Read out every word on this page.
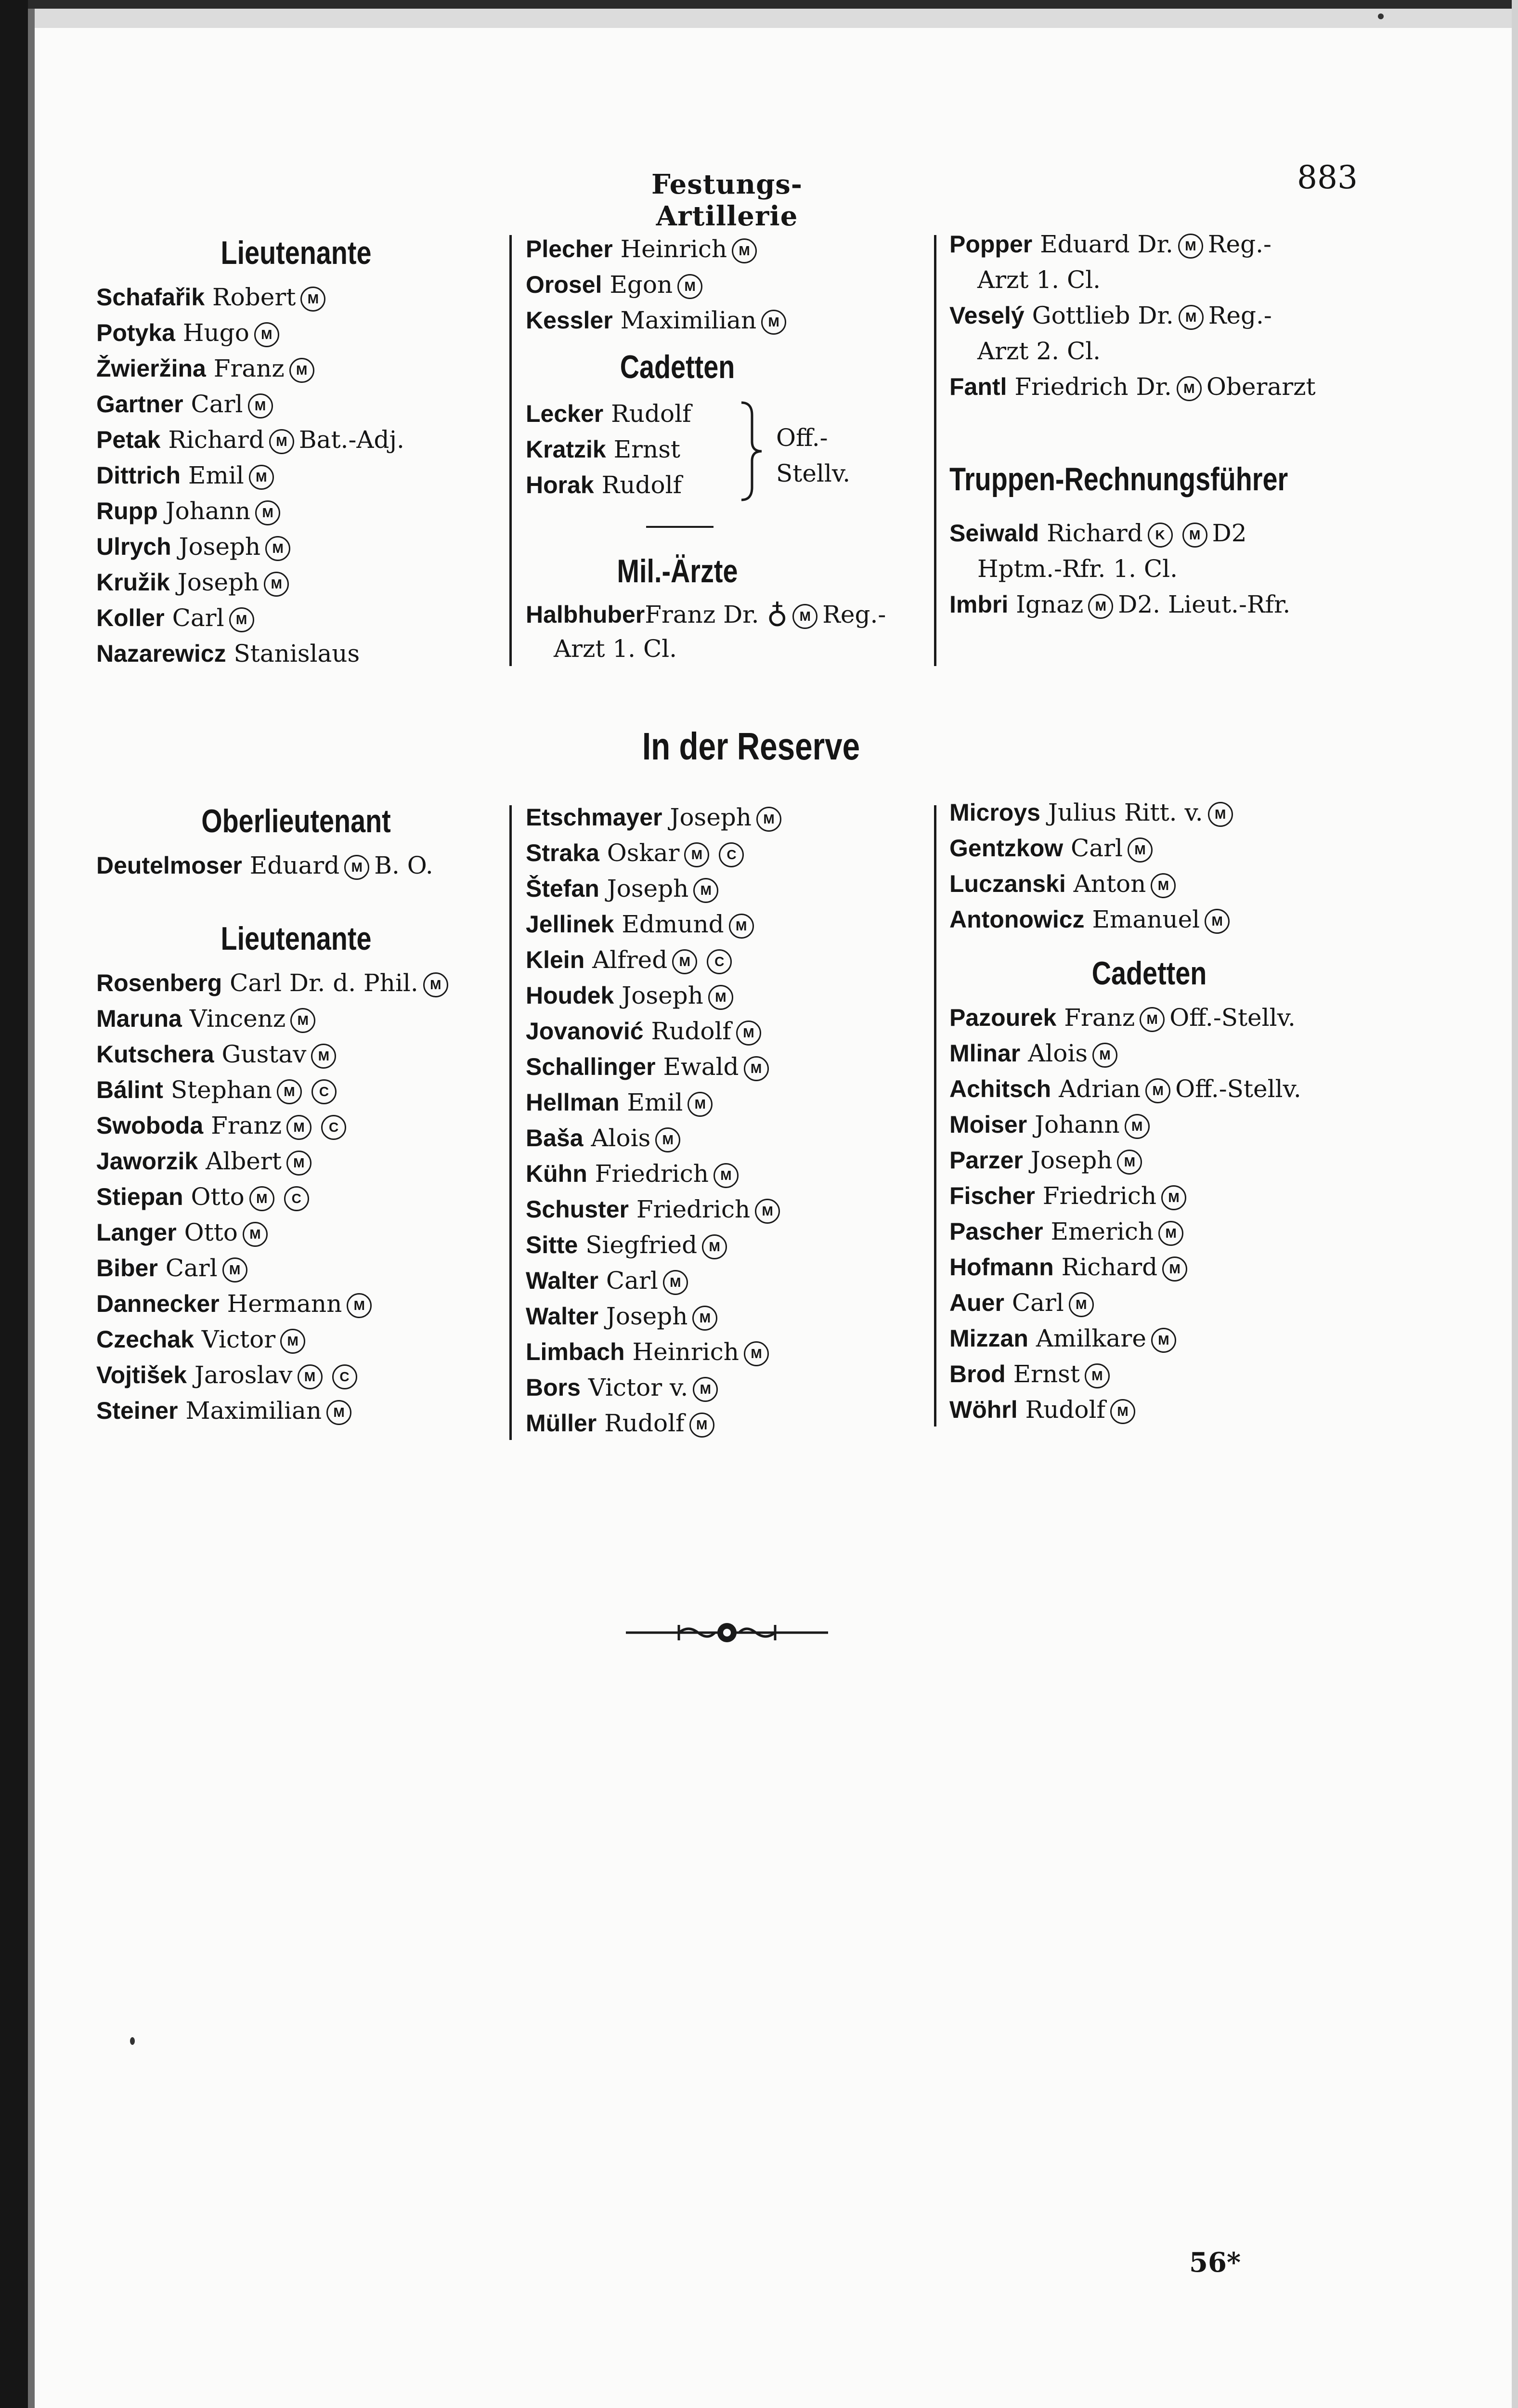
Festungs-Artillerie
883
Lieutenante
Schafařik Robert M
Potyka Hugo M
Žwieržina Franz M
Gartner Carl M
Petak Richard M Bat.-Adj.
Dittrich Emil M
Rupp Johann M
Ulrych Joseph M
Kružik Joseph M
Koller Carl M
Nazarewicz Stanislaus
Plecher Heinrich M
Orosel Egon M
Kessler Maximilian M
Cadetten
Lecker Rudolf
Kratzik Ernst
Horak Rudolf
Off.-
Stellv.
Mil.-Ärzte
HalbhuberFranz Dr. ♁ M Reg.-
Arzt 1. Cl.
Popper Eduard Dr. M Reg.-
Arzt 1. Cl.
Veselý Gottlieb Dr. M Reg.-
Arzt 2. Cl.
Fantl Friedrich Dr. M Oberarzt
Truppen-Rechnungsführer
Seiwald Richard K M D2
Hptm.-Rfr. 1. Cl.
Imbri Ignaz M D2. Lieut.-Rfr.
In der Reserve
Oberlieutenant
Deutelmoser Eduard M B. O.
Lieutenante
Rosenberg Carl Dr. d. Phil. M
Maruna Vincenz M
Kutschera Gustav M
Bálint Stephan M C
Swoboda Franz M C
Jaworzik Albert M
Stiepan Otto M C
Langer Otto M
Biber Carl M
Dannecker Hermann M
Czechak Victor M
Vojtišek Jaroslav M C
Steiner Maximilian M
Etschmayer Joseph M
Straka Oskar M C
Štefan Joseph M
Jellinek Edmund M
Klein Alfred M C
Houdek Joseph M
Jovanović Rudolf M
Schallinger Ewald M
Hellman Emil M
Baša Alois M
Kühn Friedrich M
Schuster Friedrich M
Sitte Siegfried M
Walter Carl M
Walter Joseph M
Limbach Heinrich M
Bors Victor v. M
Müller Rudolf M
Microys Julius Ritt. v. M
Gentzkow Carl M
Luczanski Anton M
Antonowicz Emanuel M
Cadetten
Pazourek Franz M Off.-Stellv.
Mlinar Alois M
Achitsch Adrian M Off.-Stellv.
Moiser Johann M
Parzer Joseph M
Fischer Friedrich M
Pascher Emerich M
Hofmann Richard M
Auer Carl M
Mizzan Amilkare M
Brod Ernst M
Wöhrl Rudolf M
56*
